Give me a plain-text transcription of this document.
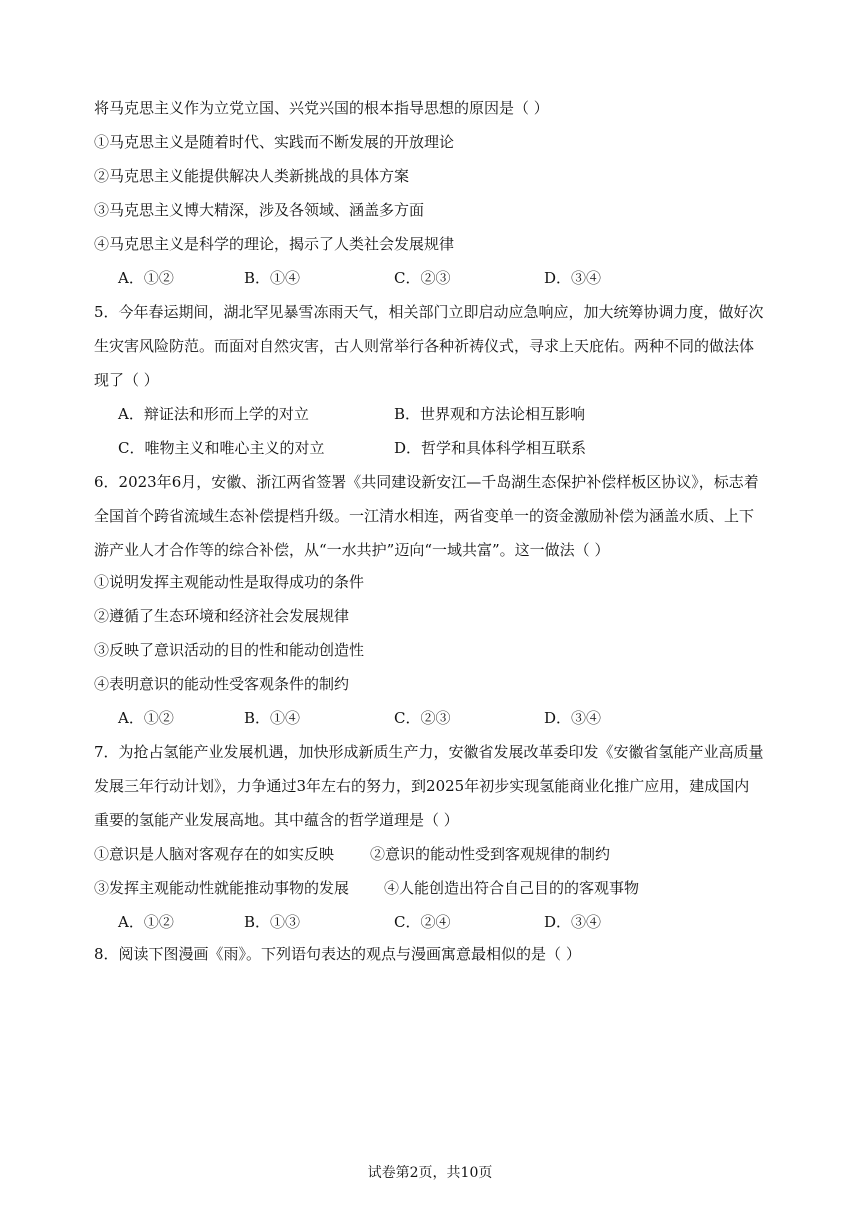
将马克思主义作为立党立国、兴党兴国的根本指导思想的原因是（ ）
①马克思主义是随着时代、实践而不断发展的开放理论
②马克思主义能提供解决人类新挑战的具体方案
③马克思主义博大精深，涉及各领域、涵盖多方面
④马克思主义是科学的理论，揭示了人类社会发展规律
A．①②	B．①④	C．②③	D．③④
5．今年春运期间，湖北罕见暴雪冻雨天气，相关部门立即启动应急响应，加大统筹协调力度，做好次
生灾害风险防范。而面对自然灾害，古人则常举行各种祈祷仪式，寻求上天庇佑。两种不同的做法体
现了（ ）
A．辩证法和形而上学的对立	B．世界观和方法论相互影响
C．唯物主义和唯心主义的对立	D．哲学和具体科学相互联系
6．2023年6月，安徽、浙江两省签署《共同建设新安江—千岛湖生态保护补偿样板区协议》，标志着
全国首个跨省流域生态补偿提档升级。一江清水相连，两省变单一的资金激励补偿为涵盖水质、上下
游产业人才合作等的综合补偿，从“一水共护”迈向“一域共富”。这一做法（ ）
①说明发挥主观能动性是取得成功的条件
②遵循了生态环境和经济社会发展规律
③反映了意识活动的目的性和能动创造性
④表明意识的能动性受客观条件的制约
A．①②	B．①④	C．②③	D．③④
7．为抢占氢能产业发展机遇，加快形成新质生产力，安徽省发展改革委印发《安徽省氢能产业高质量
发展三年行动计划》，力争通过3年左右的努力，到2025年初步实现氢能商业化推广应用，建成国内
重要的氢能产业发展高地。其中蕴含的哲学道理是（ ）
①意识是人脑对客观存在的如实反映 ②意识的能动性受到客观规律的制约
③发挥主观能动性就能推动事物的发展 ④人能创造出符合自己目的的客观事物
A．①②	B．①③	C．②④	D．③④
8．阅读下图漫画《雨》。下列语句表达的观点与漫画寓意最相似的是（ ）
试卷第2页，共10页
